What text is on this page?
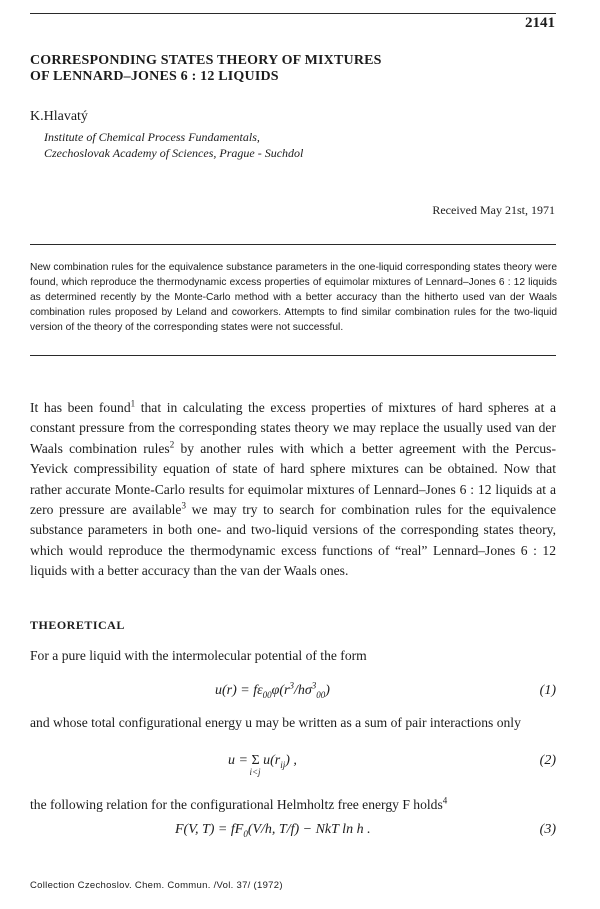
2141
CORRESPONDING STATES THEORY OF MIXTURES
OF LENNARD–JONES 6 : 12 LIQUIDS
K.Hlavatý
Institute of Chemical Process Fundamentals,
Czechoslovak Academy of Sciences, Prague - Suchdol
Received May 21st, 1971
New combination rules for the equivalence substance parameters in the one-liquid corresponding states theory were found, which reproduce the thermodynamic excess properties of equimolar mixtures of Lennard–Jones 6 : 12 liquids as determined recently by the Monte-Carlo method with a better accuracy than the hitherto used van der Waals combination rules proposed by Leland and coworkers. Attempts to find similar combination rules for the two-liquid version of the theory of the corresponding states were not successful.
It has been found$^1$ that in calculating the excess properties of mixtures of hard spheres at a constant pressure from the corresponding states theory we may replace the usually used van der Waals combination rules$^2$ by another rules with which a better agreement with the Percus-Yevick compressibility equation of state of hard sphere mixtures can be obtained. Now that rather accurate Monte-Carlo results for equimolar mixtures of Lennard–Jones 6 : 12 liquids at a zero pressure are available$^3$ we may try to search for combination rules for the equivalence substance parameters in both one- and two-liquid versions of the corresponding states theory, which would reproduce the thermodynamic excess functions of “real” Lennard–Jones 6 : 12 liquids with a better accuracy than the van der Waals ones.
THEORETICAL
For a pure liquid with the intermolecular potential of the form
$u(r) = f\varepsilon_{00}\varphi(r^3/h\sigma^3_{00})$	(1)
and whose total configurational energy u may be written as a sum of pair interactions only
u = Σ
i<j
$u(r_{ij})$ ,	(2)
the following relation for the configurational Helmholtz free energy F holds$^4$
F(V, $T) = fF_0(V/h$, T/f) − NkT ln h .	(3)
Collection Czechoslov. Chem. Commun. /Vol. 37/ (1972)
